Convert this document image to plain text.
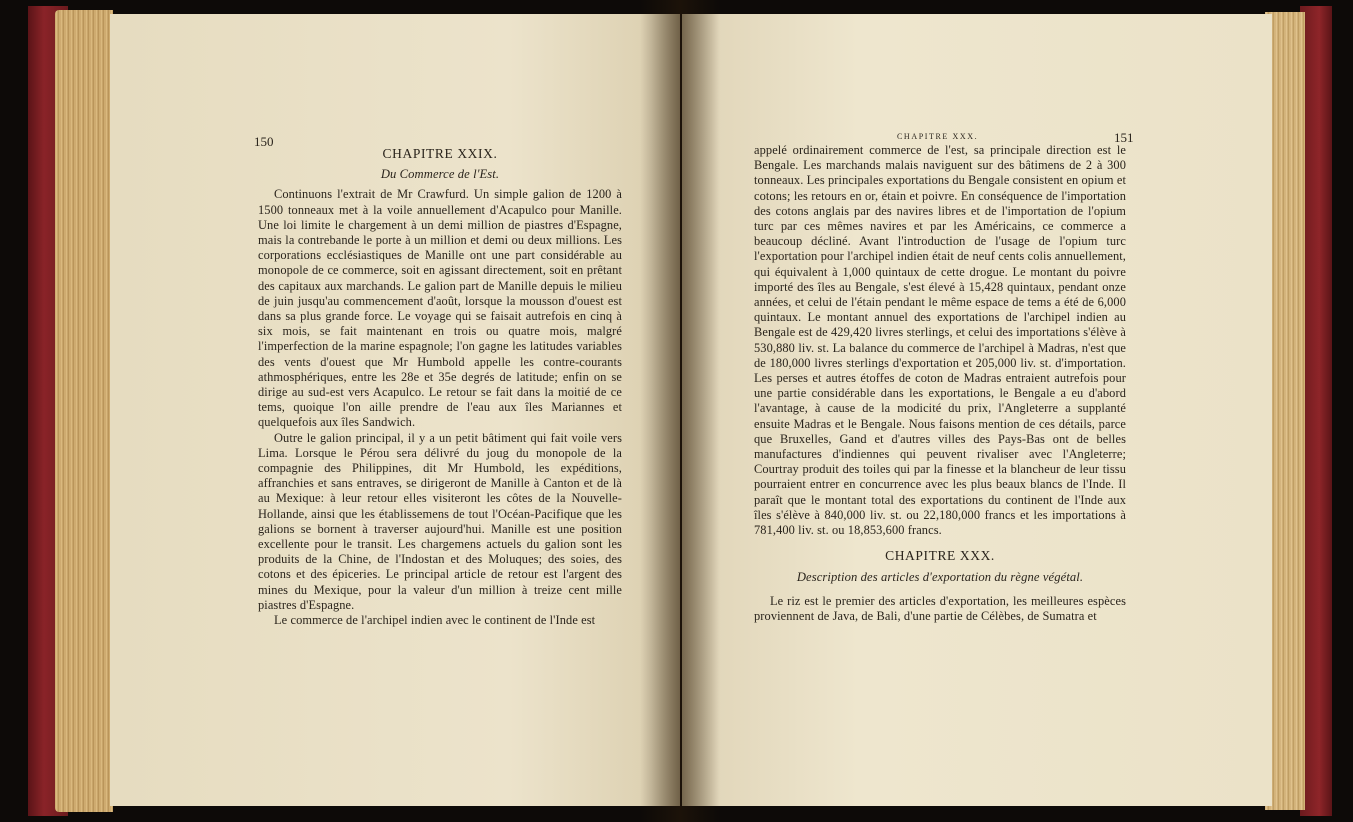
150

CHAPITRE XXIX.

Du Commerce de l'Est.

Continuons l'extrait de Mr Crawfurd. Un simple galion de 1200 à 1500 tonneaux met à la voile annuellement d'Acapulco pour Manille. Une loi limite le chargement à un demi million de piastres d'Espagne, mais la contrebande le porte à un million et demi ou deux millions. Les corporations ecclésiastiques de Manille ont une part considérable au monopole de ce commerce, soit en agissant directement, soit en prêtant des capitaux aux marchands. Le galion part de Manille depuis le milieu de juin jusqu'au commencement d'août, lorsque la mousson d'ouest est dans sa plus grande force. Le voyage qui se faisait autrefois en cinq à six mois, se fait maintenant en trois ou quatre mois, malgré l'imperfection de la marine espagnole; l'on gagne les latitudes variables des vents d'ouest que Mr Humbold appelle les contre-courants athmosphériques, entre les 28e et 35e degrés de latitude; enfin on se dirige au sud-est vers Acapulco. Le retour se fait dans la moitié de ce tems, quoique l'on aille prendre de l'eau aux îles Mariannes et quelquefois aux îles Sandwich.

Outre le galion principal, il y a un petit bâtiment qui fait voile vers Lima. Lorsque le Pérou sera délivré du joug du monopole de la compagnie des Philippines, dit Mr Humbold, les expéditions, affranchies et sans entraves, se dirigeront de Manille à Canton et de là au Mexique: à leur retour elles visiteront les côtes de la Nouvelle-Hollande, ainsi que les établissemens de tout l'Océan-Pacifique que les galions se bornent à traverser aujourd'hui. Manille est une position excellente pour le transit. Les chargemens actuels du galion sont les produits de la Chine, de l'Indostan et des Moluques; des soies, des cotons et des épiceries. Le principal article de retour est l'argent des mines du Mexique, pour la valeur d'un million à treize cent mille piastres d'Espagne.

Le commerce de l'archipel indien avec le continent de l'Inde est

CHAPITRE XXX.	151

appelé ordinairement commerce de l'est, sa principale direction est le Bengale. Les marchands malais naviguent sur des bâtimens de 2 à 300 tonneaux. Les principales exportations du Bengale consistent en opium et cotons; les retours en or, étain et poivre. En conséquence de l'importation des cotons anglais par des navires libres et de l'importation de l'opium turc par ces mêmes navires et par les Américains, ce commerce a beaucoup décliné. Avant l'introduction de l'usage de l'opium turc l'exportation pour l'archipel indien était de neuf cents colis annuellement, qui équivalent à 1,000 quintaux de cette drogue. Le montant du poivre importé des îles au Bengale, s'est élevé à 15,428 quintaux, pendant onze années, et celui de l'étain pendant le même espace de tems a été de 6,000 quintaux. Le montant annuel des exportations de l'archipel indien au Bengale est de 429,420 livres sterlings, et celui des importations s'élève à 530,880 liv. st. La balance du commerce de l'archipel à Madras, n'est que de 180,000 livres sterlings d'exportation et 205,000 liv. st. d'importation. Les perses et autres étoffes de coton de Madras entraient autrefois pour une partie considérable dans les exportations, le Bengale a eu d'abord l'avantage, à cause de la modicité du prix, l'Angleterre a supplanté ensuite Madras et le Bengale. Nous faisons mention de ces détails, parce que Bruxelles, Gand et d'autres villes des Pays-Bas ont de belles manufactures d'indiennes qui peuvent rivaliser avec l'Angleterre; Courtray produit des toiles qui par la finesse et la blancheur de leur tissu pourraient entrer en concurrence avec les plus beaux blancs de l'Inde. Il paraît que le montant total des exportations du continent de l'Inde aux îles s'élève à 840,000 liv. st. ou 22,180,000 francs et les importations à 781,400 liv. st. ou 18,853,600 francs.

CHAPITRE XXX.

Description des articles d'exportation du règne végétal.

Le riz est le premier des articles d'exportation, les meilleures espèces proviennent de Java, de Bali, d'une partie de Célèbes, de Sumatra et
